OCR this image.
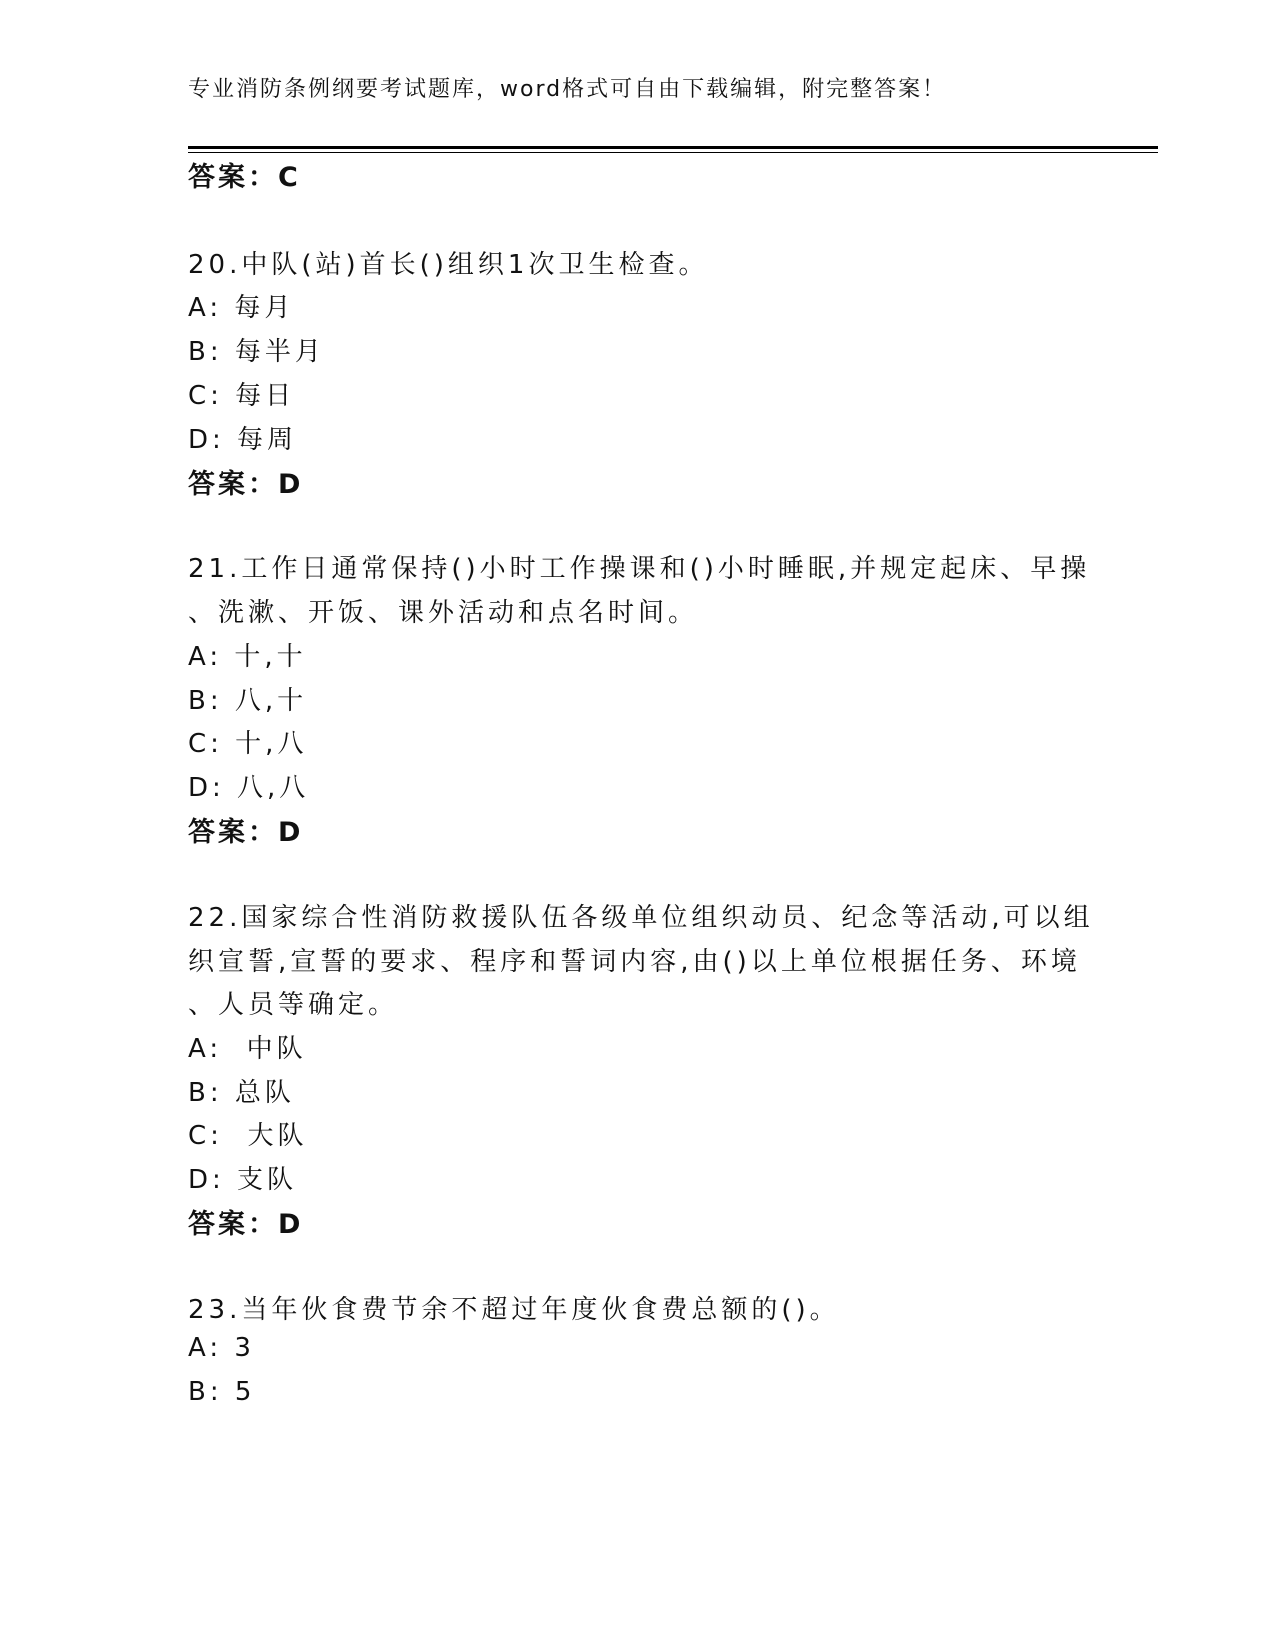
专业消防条例纲要考试题库，word格式可自由下载编辑，附完整答案！
答案：C
20.中队(站)首长()组织1次卫生检查。
A: 每月
B: 每半月
C: 每日
D: 每周
答案：D
21.工作日通常保持()小时工作操课和()小时睡眠,并规定起床、早操
、洗漱、开饭、课外活动和点名时间。
A: 十,十
B: 八,十
C: 十,八
D: 八,八
答案：D
22.国家综合性消防救援队伍各级单位组织动员、纪念等活动,可以组
织宣誓,宣誓的要求、程序和誓词内容,由()以上单位根据任务、环境
、人员等确定。
A:  中队
B: 总队
C:  大队
D: 支队
答案：D
23.当年伙食费节余不超过年度伙食费总额的()。
A: 3
B: 5
